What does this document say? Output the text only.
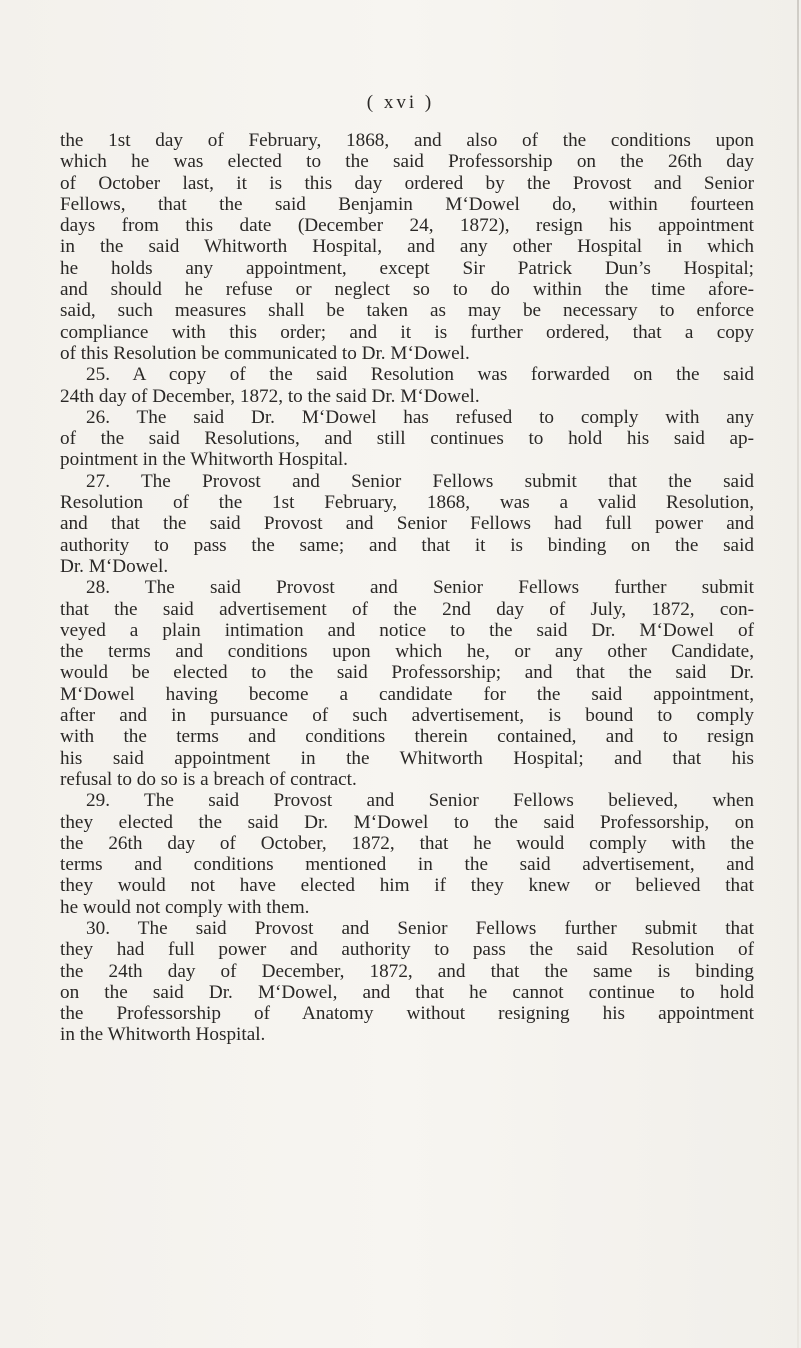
( xvi )
the 1st day of February, 1868, and also of the conditions upon
which he was elected to the said Professorship on the 26th day
of October last, it is this day ordered by the Provost and Senior
Fellows, that the said Benjamin M‘Dowel do, within fourteen
days from this date (December 24, 1872), resign his appointment
in the said Whitworth Hospital, and any other Hospital in which
he holds any appointment, except Sir Patrick Dun’s Hospital;
and should he refuse or neglect so to do within the time afore-
said, such measures shall be taken as may be necessary to enforce
compliance with this order; and it is further ordered, that a copy
of this Resolution be communicated to Dr. M‘Dowel.
25. A copy of the said Resolution was forwarded on the said
24th day of December, 1872, to the said Dr. M‘Dowel.
26. The said Dr. M‘Dowel has refused to comply with any
of the said Resolutions, and still continues to hold his said ap-
pointment in the Whitworth Hospital.
27. The Provost and Senior Fellows submit that the said
Resolution of the 1st February, 1868, was a valid Resolution,
and that the said Provost and Senior Fellows had full power and
authority to pass the same; and that it is binding on the said
Dr. M‘Dowel.
28. The said Provost and Senior Fellows further submit
that the said advertisement of the 2nd day of July, 1872, con-
veyed a plain intimation and notice to the said Dr. M‘Dowel of
the terms and conditions upon which he, or any other Candidate,
would be elected to the said Professorship; and that the said Dr.
M‘Dowel having become a candidate for the said appointment,
after and in pursuance of such advertisement, is bound to comply
with the terms and conditions therein contained, and to resign
his said appointment in the Whitworth Hospital; and that his
refusal to do so is a breach of contract.
29. The said Provost and Senior Fellows believed, when
they elected the said Dr. M‘Dowel to the said Professorship, on
the 26th day of October, 1872, that he would comply with the
terms and conditions mentioned in the said advertisement, and
they would not have elected him if they knew or believed that
he would not comply with them.
30. The said Provost and Senior Fellows further submit that
they had full power and authority to pass the said Resolution of
the 24th day of December, 1872, and that the same is binding
on the said Dr. M‘Dowel, and that he cannot continue to hold
the Professorship of Anatomy without resigning his appointment
in the Whitworth Hospital.
